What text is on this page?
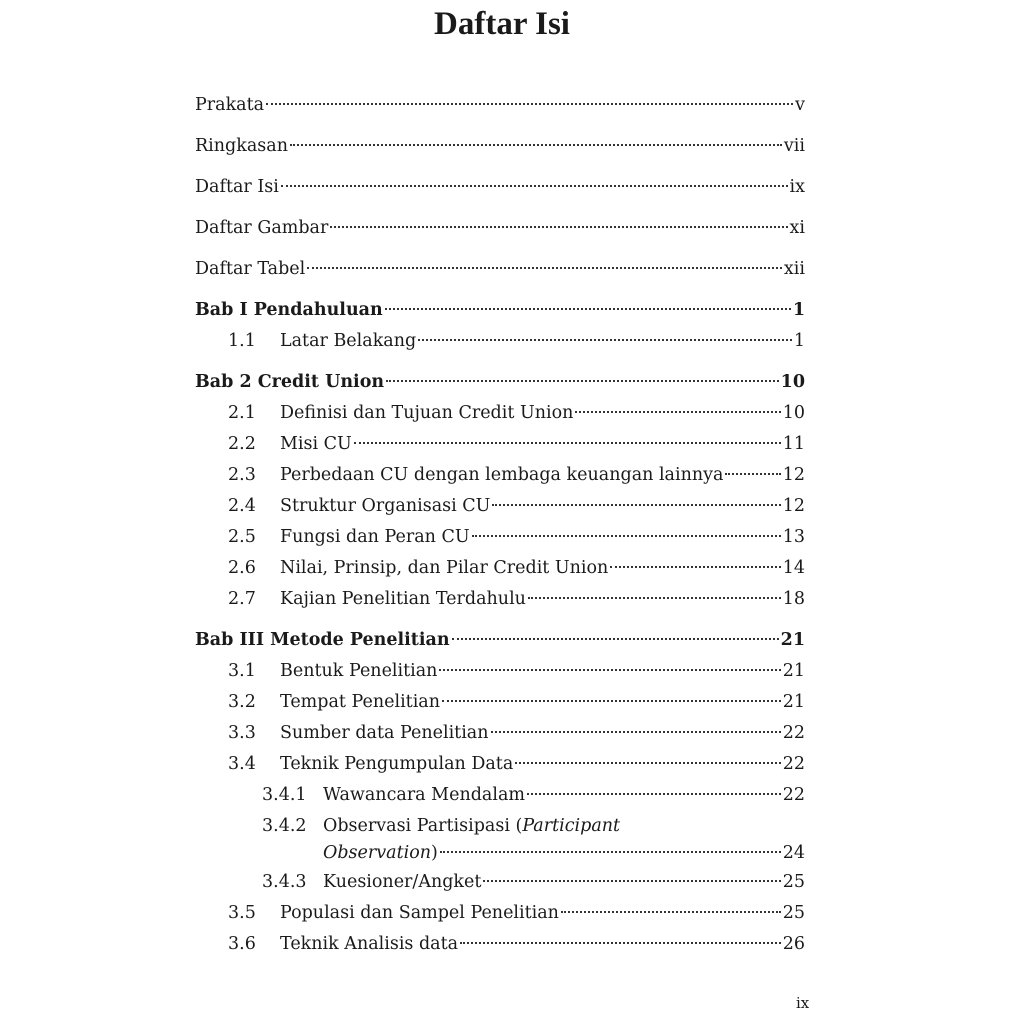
Daftar Isi
Prakata	v
Ringkasan	vii
Daftar Isi	ix
Daftar Gambar	xi
Daftar Tabel	xii
Bab I Pendahuluan	1
1.1	Latar Belakang	1
Bab 2 Credit Union	10
2.1	Definisi dan Tujuan Credit Union	10
2.2	Misi CU	11
2.3	Perbedaan CU dengan lembaga keuangan lainnya	12
2.4	Struktur Organisasi CU	12
2.5	Fungsi dan Peran CU	13
2.6	Nilai, Prinsip, dan Pilar Credit Union	14
2.7	Kajian Penelitian Terdahulu	18
Bab III Metode Penelitian	21
3.1	Bentuk Penelitian	21
3.2	Tempat Penelitian	21
3.3	Sumber data Penelitian	22
3.4	Teknik Pengumpulan Data	22
3.4.1 Wawancara Mendalam	22
3.4.2 Observasi Partisipasi ( Participant
Observation )	24
3.4.3 Kuesioner/Angket	25
3.5	Populasi dan Sampel Penelitian	25
3.6	Teknik Analisis data	26
ix
